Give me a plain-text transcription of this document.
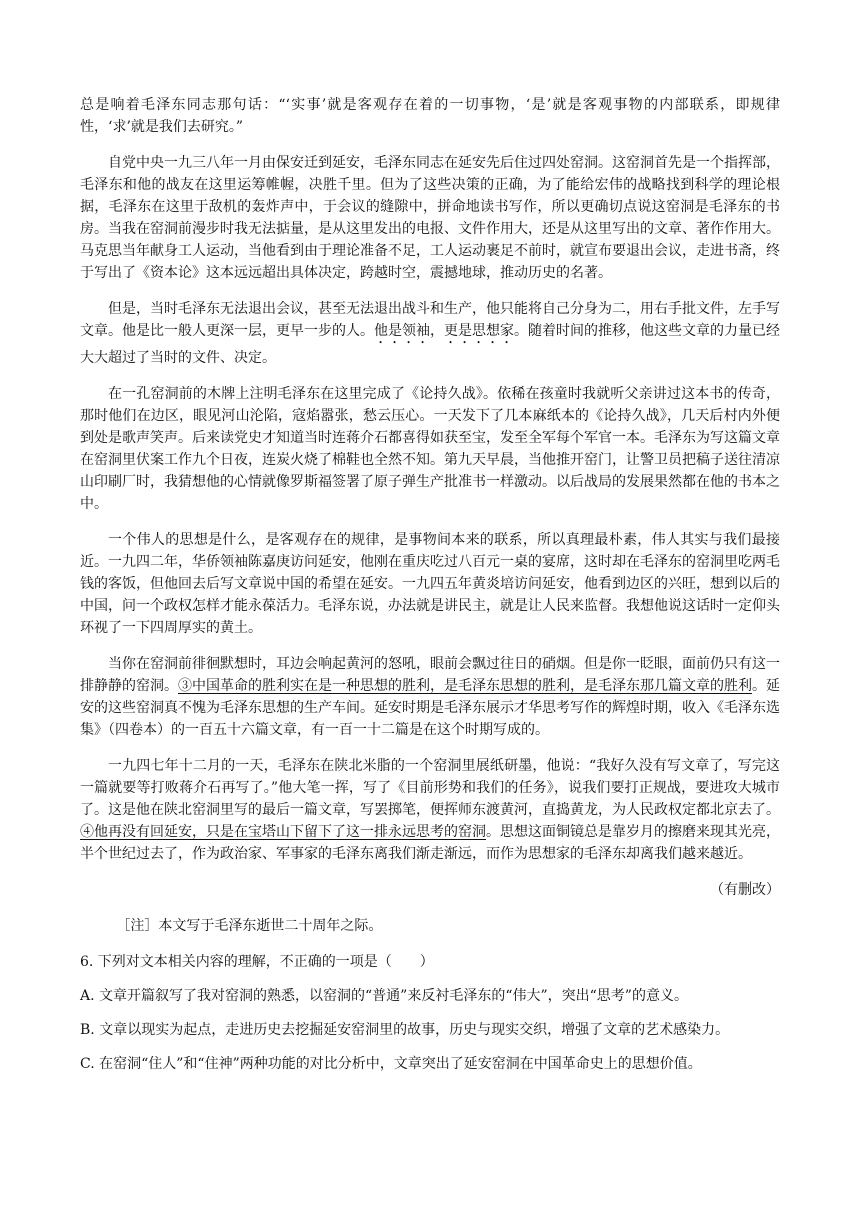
总是响着毛泽东同志那句话：“‘实事’就是客观存在着的一切事物，‘是’就是客观事物的内部联系，即规律性，‘求’就是我们去研究。”

自党中央一九三八年一月由保安迁到延安，毛泽东同志在延安先后住过四处窑洞。这窑洞首先是一个指挥部，毛泽东和他的战友在这里运筹帷幄，决胜千里。但为了这些决策的正确，为了能给宏伟的战略找到科学的理论根据，毛泽东在这里于敌机的轰炸声中，于会议的缝隙中，拼命地读书写作，所以更确切点说这窑洞是毛泽东的书房。当我在窑洞前漫步时我无法掂量，是从这里发出的电报、文件作用大，还是从这里写出的文章、著作作用大。马克思当年献身工人运动，当他看到由于理论准备不足，工人运动裹足不前时，就宣布要退出会议，走进书斋，终于写出了《资本论》这本远远超出具体决定，跨越时空，震撼地球，推动历史的名著。

但是，当时毛泽东无法退出会议，甚至无法退出战斗和生产，他只能将自己分身为二，用右手批文件，左手写文章。他是比一般人更深一层，更早一步的人。他是领袖，更是思想家。随着时间的推移，他这些文章的力量已经大大超过了当时的文件、决定。

在一孔窑洞前的木牌上注明毛泽东在这里完成了《论持久战》。依稀在孩童时我就听父亲讲过这本书的传奇，那时他们在边区，眼见河山沦陷，寇焰嚣张，愁云压心。一天发下了几本麻纸本的《论持久战》，几天后村内外便到处是歌声笑声。后来读党史才知道当时连蒋介石都喜得如获至宝，发至全军每个军官一本。毛泽东为写这篇文章在窑洞里伏案工作九个日夜，连炭火烧了棉鞋也全然不知。第九天早晨，当他推开窑门，让警卫员把稿子送往清凉山印刷厂时，我猜想他的心情就像罗斯福签署了原子弹生产批准书一样激动。以后战局的发展果然都在他的书本之中。

一个伟人的思想是什么，是客观存在的规律，是事物间本来的联系，所以真理最朴素，伟人其实与我们最接近。一九四二年，华侨领袖陈嘉庚访问延安，他刚在重庆吃过八百元一桌的宴席，这时却在毛泽东的窑洞里吃两毛钱的客饭，但他回去后写文章说中国的希望在延安。一九四五年黄炎培访问延安，他看到边区的兴旺，想到以后的中国，问一个政权怎样才能永葆活力。毛泽东说，办法就是讲民主，就是让人民来监督。我想他说这话时一定仰头环视了一下四周厚实的黄土。

当你在窑洞前徘徊默想时，耳边会响起黄河的怒吼，眼前会飘过往日的硝烟。但是你一眨眼，面前仍只有这一排静静的窑洞。③中国革命的胜利实在是一种思想的胜利，是毛泽东思想的胜利，是毛泽东那几篇文章的胜利。延安的这些窑洞真不愧为毛泽东思想的生产车间。延安时期是毛泽东展示才华思考写作的辉煌时期，收入《毛泽东选集》（四卷本）的一百五十六篇文章，有一百一十二篇是在这个时期写成的。

一九四七年十二月的一天，毛泽东在陕北米脂的一个窑洞里展纸研墨，他说：“我好久没有写文章了，写完这一篇就要等打败蒋介石再写了。”他大笔一挥，写了《目前形势和我们的任务》，说我们要打正规战，要进攻大城市了。这是他在陕北窑洞里写的最后一篇文章，写罢掷笔，便挥师东渡黄河，直捣黄龙，为人民政权定都北京去了。④他再没有回延安，只是在宝塔山下留下了这一排永远思考的窑洞。思想这面铜镜总是靠岁月的擦磨来现其光亮，半个世纪过去了，作为政治家、军事家的毛泽东离我们渐走渐远，而作为思想家的毛泽东却离我们越来越近。

（有删改）

［注］本文写于毛泽东逝世二十周年之际。

6. 下列对文本相关内容的理解，不正确的一项是（　　）

A. 文章开篇叙写了我对窑洞的熟悉，以窑洞的“普通”来反衬毛泽东的“伟大”，突出“思考”的意义。

B. 文章以现实为起点，走进历史去挖掘延安窑洞里的故事，历史与现实交织，增强了文章的艺术感染力。

C. 在窑洞“住人”和“住神”两种功能的对比分析中，文章突出了延安窑洞在中国革命史上的思想价值。
